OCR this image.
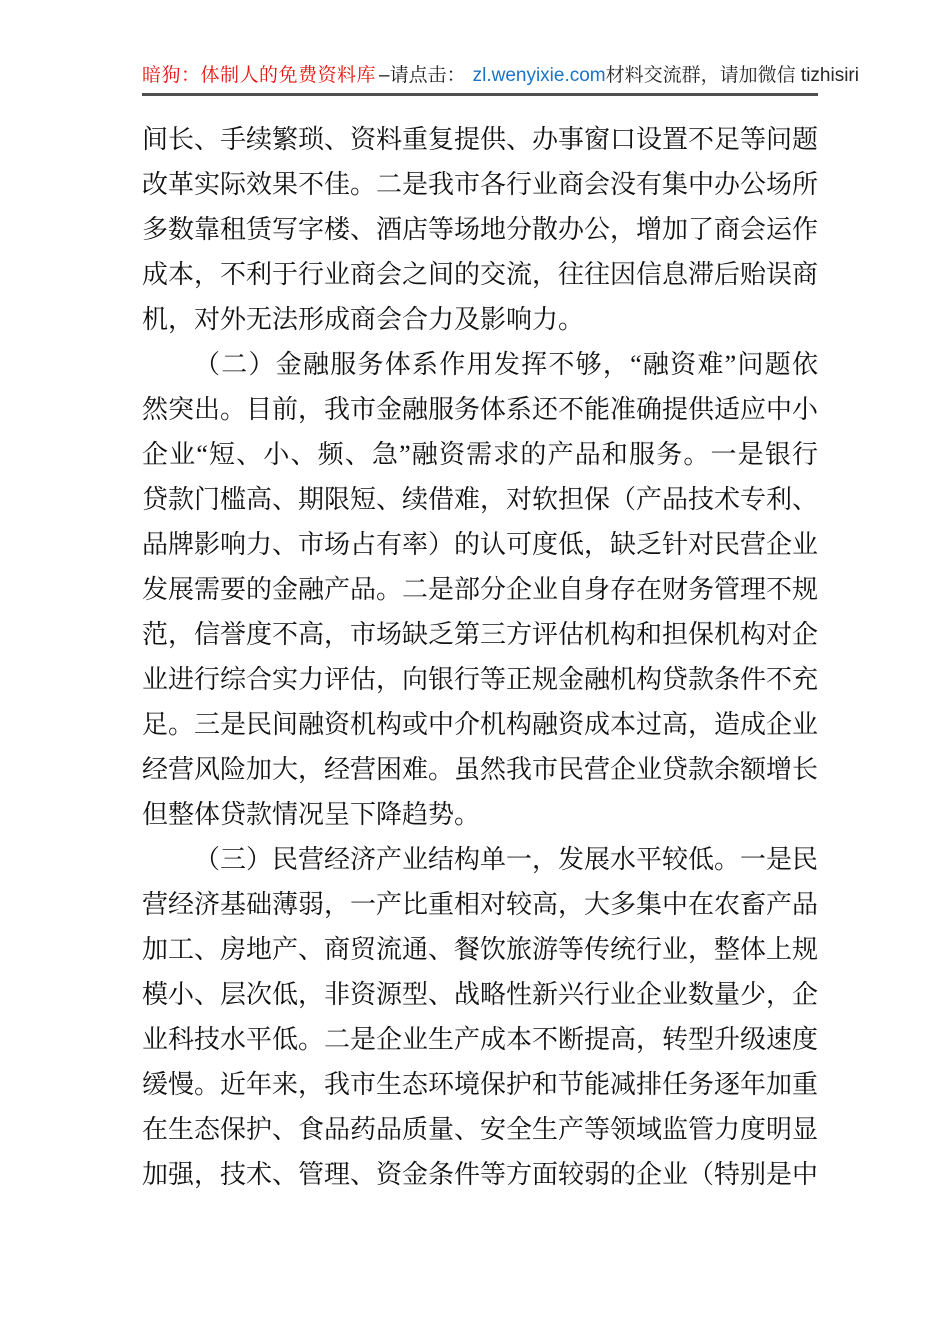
暗狗：体制人的免费资料库 –请点击： zl.wenyixie.com 材料交流群，请加微信 tizhisiri
间长、手续繁琐、资料重复提供、办事窗口设置不足等问题
改革实际效果不佳。二是我市各行业商会没有集中办公场所
多数靠租赁写字楼、酒店等场地分散办公，增加了商会运作
成本，不利于行业商会之间的交流，往往因信息滞后贻误商
机，对外无法形成商会合力及影响力。
（二）金融服务体系作用发挥不够，“融资难”问题依
然突出。目前，我市金融服务体系还不能准确提供适应中小
企业“短、小、频、急”融资需求的产品和服务。一是银行
贷款门槛高、期限短、续借难，对软担保（产品技术专利、
品牌影响力、市场占有率）的认可度低，缺乏针对民营企业
发展需要的金融产品。二是部分企业自身存在财务管理不规
范，信誉度不高，市场缺乏第三方评估机构和担保机构对企
业进行综合实力评估，向银行等正规金融机构贷款条件不充
足。三是民间融资机构或中介机构融资成本过高，造成企业
经营风险加大，经营困难。虽然我市民营企业贷款余额增长
但整体贷款情况呈下降趋势。
（三）民营经济产业结构单一，发展水平较低。一是民
营经济基础薄弱，一产比重相对较高，大多集中在农畜产品
加工、房地产、商贸流通、餐饮旅游等传统行业，整体上规
模小、层次低，非资源型、战略性新兴行业企业数量少，企
业科技水平低。二是企业生产成本不断提高，转型升级速度
缓慢。近年来，我市生态环境保护和节能减排任务逐年加重
在生态保护、食品药品质量、安全生产等领域监管力度明显
加强，技术、管理、资金条件等方面较弱的企业（特别是中
